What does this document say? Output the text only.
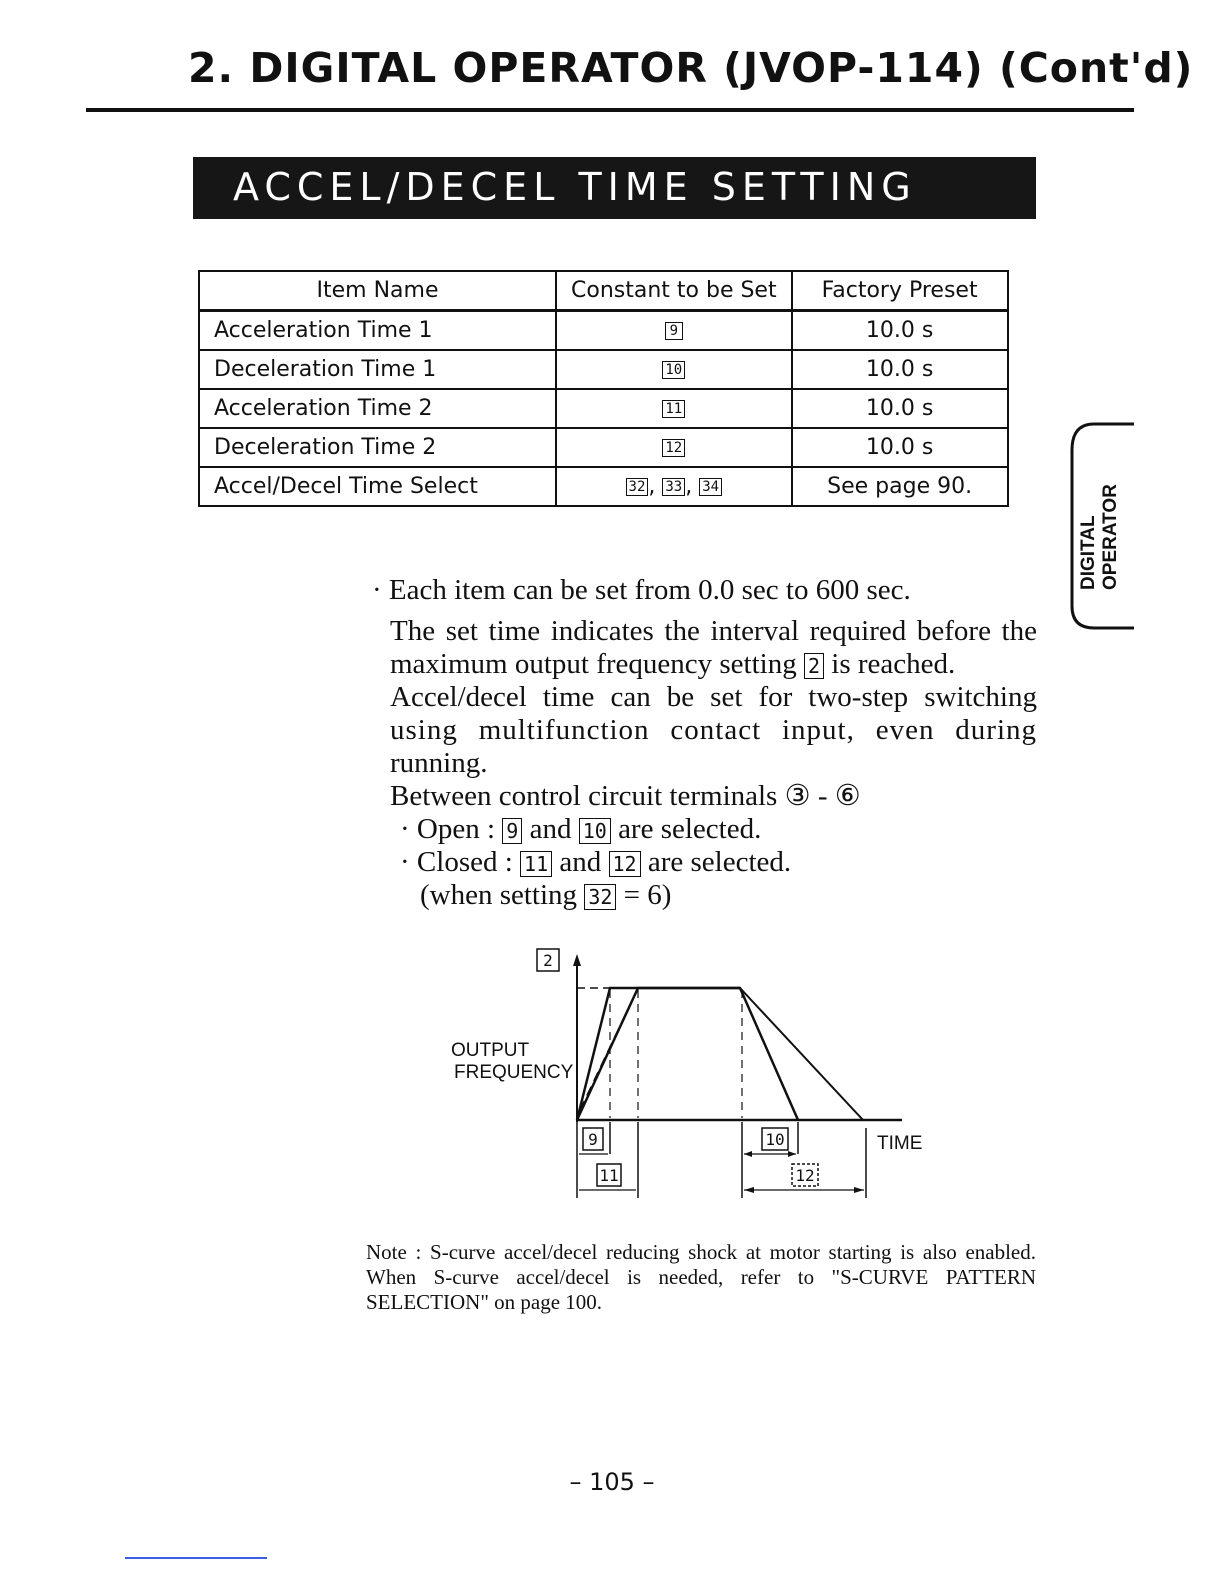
2. DIGITAL OPERATOR (JVOP-114) (Cont'd)
ACCEL/DECEL TIME SETTING
Item Name	Constant to be Set	Factory Preset
Acceleration Time 1	9	10.0 s
Deceleration Time 1	10	10.0 s
Acceleration Time 2	11	10.0 s
Deceleration Time 2	12	10.0 s
Accel/Decel Time Select	32 , 33 , 34	See page 90.
DIGITAL OPERATOR

· Each item can be set from 0.0 sec to 600 sec.

The set time indicates the interval required before the

maximum output frequency setting 2 is reached.

Accel/decel time can be set for two-step switching

using multifunction contact input, even during

running.

Between control circuit terminals ③ - ⑥

· Open : 9 and 10 are selected.

· Closed : 11 and 12 are selected.

(when setting 32 = 6)

2
OUTPUT
FREQUENCY
9
11
10
12
TIME
Note : S-curve accel/decel reducing shock at motor starting is also enabled. When S-curve accel/decel is needed, refer to "S-CURVE PATTERN SELECTION" on page 100.
– 105 –
